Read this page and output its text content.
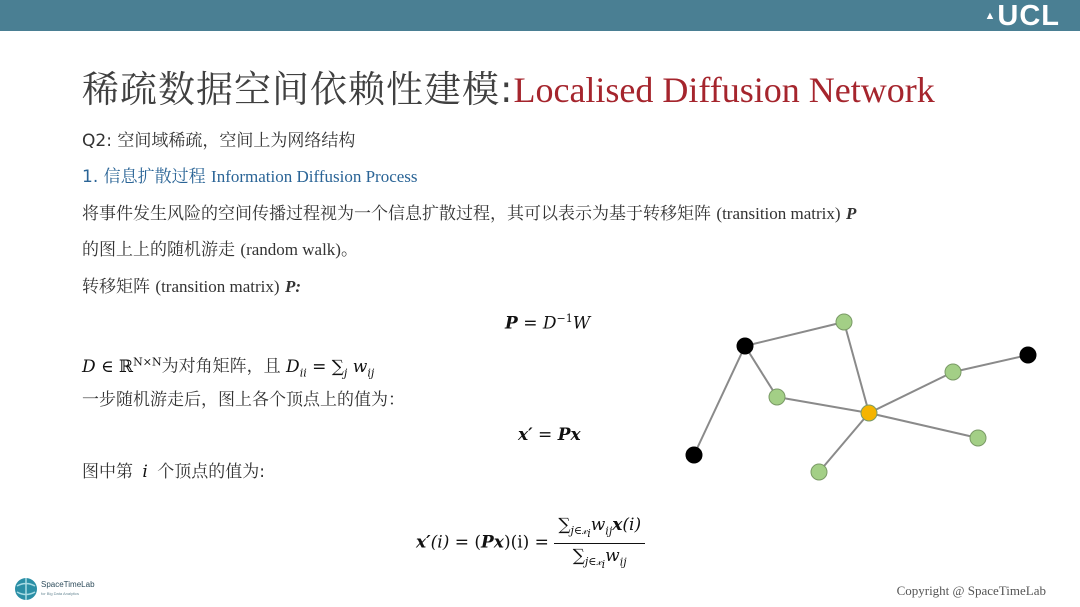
▲UCL
稀疏数据空间依赖性建模:Localised Diffusion Network
Q2: 空间域稀疏，空间上为网络结构
1. 信息扩散过程 Information Diffusion Process
将事件发生风险的空间传播过程视为一个信息扩散过程，其可以表示为基于转移矩阵 (transition matrix) P
的图上上的随机游走 (random walk)。
转移矩阵 (transition matrix) P:
$P = D^{-1}W$
D ∈ ℝ$^{N\times N}$为对角矩阵，且 $D_{ii} = \sum_j$ $w_{ij}$
一步随机游走后，图上各个顶点上的值为：
x′ = Px
图中第 i 个顶点的值为:
$x'(i) = (Px)(i) = \frac{\sum_{j\in 𝓍_i}w_{ij}x(i)}{\sum_{j\in 𝓍_i}w_{ij}}$
SpaceTimeLab
for Big Data Analytics	Copyright @ SpaceTimeLab
